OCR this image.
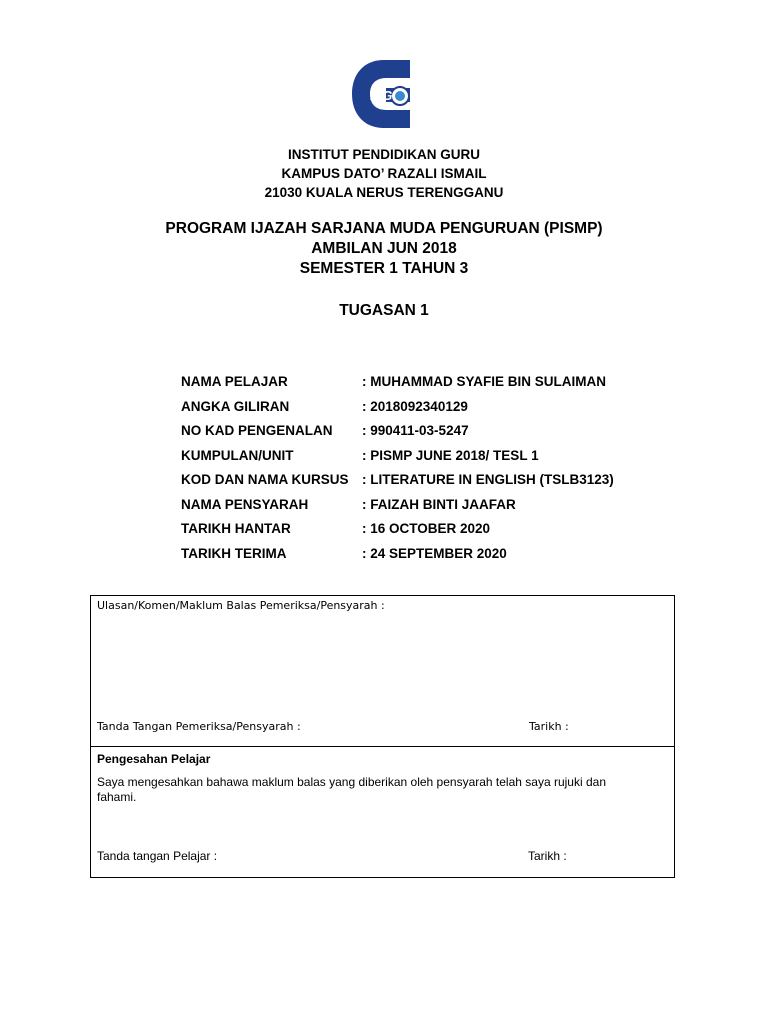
IPG
INSTITUT PENDIDIKAN GURU
KAMPUS DATO’ RAZALI ISMAIL
21030 KUALA NERUS TERENGGANU
PROGRAM IJAZAH SARJANA MUDA PENGURUAN (PISMP)
AMBILAN JUN 2018
SEMESTER 1 TAHUN 3
TUGASAN 1
NAMA PELAJAR	: MUHAMMAD SYAFIE BIN SULAIMAN
ANGKA GILIRAN	: 2018092340129
NO KAD PENGENALAN : 990411-03-5247
KUMPULAN/UNIT	: PISMP JUNE 2018/ TESL 1
KOD DAN NAMA KURSUS : LITERATURE IN ENGLISH (TSLB3123)
NAMA PENSYARAH	: FAIZAH BINTI JAAFAR
TARIKH HANTAR	: 16 OCTOBER 2020
TARIKH TERIMA	: 24 SEPTEMBER 2020
Ulasan/Komen/Maklum Balas Pemeriksa/Pensyarah :
Tanda Tangan Pemeriksa/Pensyarah :	Tarikh :
Pengesahan Pelajar
Saya mengesahkan bahawa maklum balas yang diberikan oleh pensyarah telah saya rujuki dan fahami.
Tanda tangan Pelajar :	Tarikh :
